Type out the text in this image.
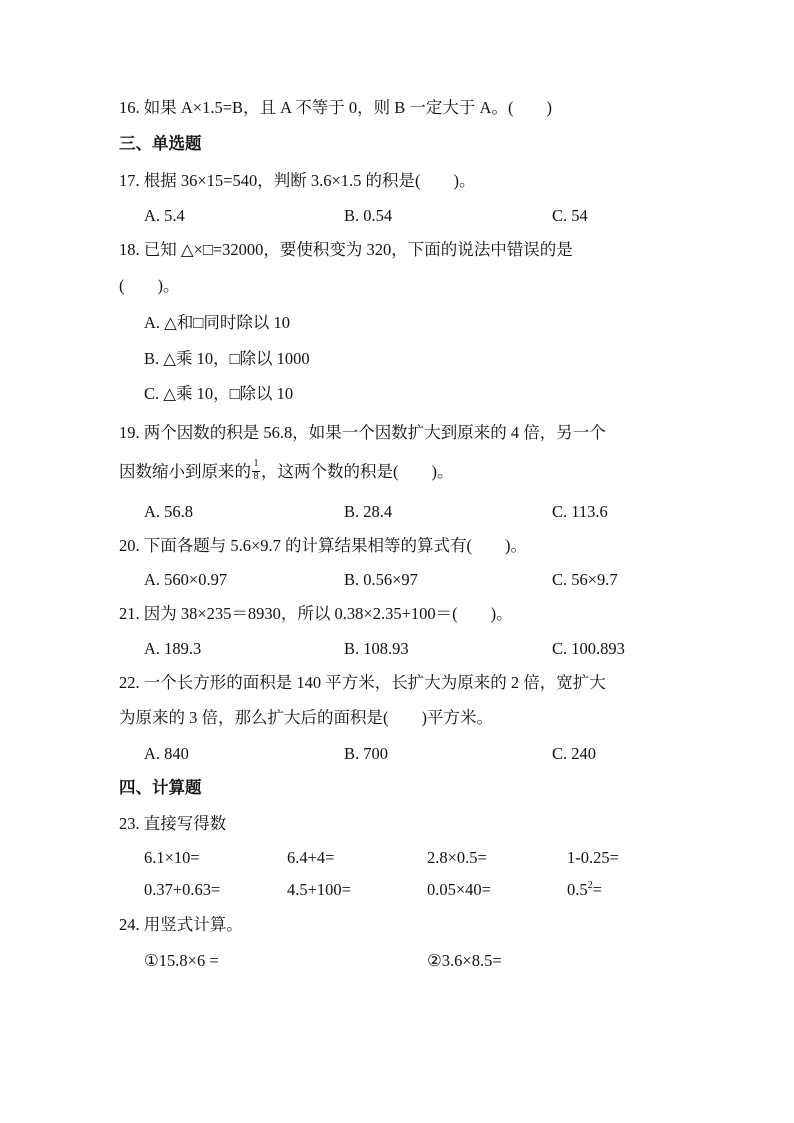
16. 如果 A×1.5=B，且 A 不等于 0，则 B 一定大于 A。(　　)
三、单选题
17. 根据 36×15=540，判断 3.6×1.5 的积是(　　)。
A. 5.4	B. 0.54	C. 54
18. 已知 △×□=32000，要使积变为 320，下面的说法中错误的是
(　　)。
A. △和□同时除以 10
B. △乘 10，□除以 1000
C. △乘 10，□除以 10
19. 两个因数的积是 56.8，如果一个因数扩大到原来的 4 倍，另一个
因数缩小到原来的 $\frac{1}{8}$ ，这两个数的积是(　　)。
A. 56.8	B. 28.4	C. 113.6
20. 下面各题与 5.6×9.7 的计算结果相等的算式有(　　)。
A. 560×0.97	B. 0.56×97	C. 56×9.7
21. 因为 38×235＝8930，所以 0.38×2.35+100＝(　　)。
A. 189.3	B. 108.93	C. 100.893
22. 一个长方形的面积是 140 平方米，长扩大为原来的 2 倍，宽扩大
为原来的 3 倍，那么扩大后的面积是(　　)平方米。
A. 840	B. 700	C. 240
四、计算题
23. 直接写得数
6.1×10=	6.4+4=	2.8×0.5=	1-0.25=
0.37+0.63=	4.5+100=	0.05×40=	$0.5^2=$
24. 用竖式计算。
①15.8×6 =	②3.6×8.5=
